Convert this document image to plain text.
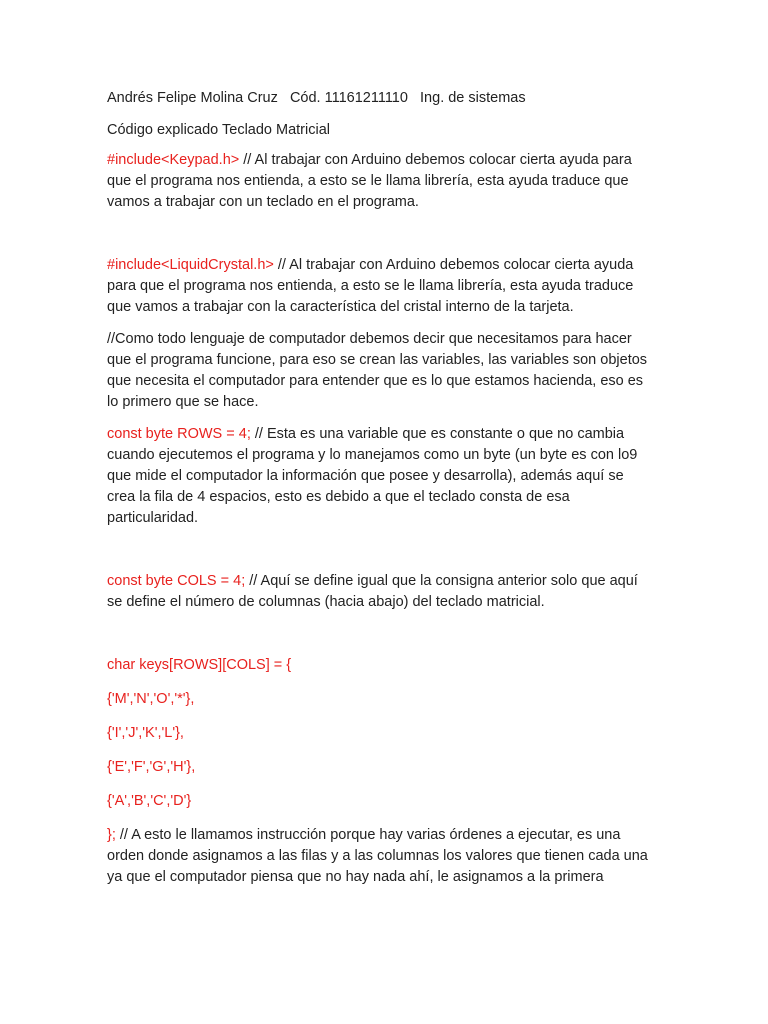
Andrés Felipe Molina Cruz Cód. 11161211110 Ing. de sistemas

Código explicado Teclado Matricial

#include<Keypad.h> // Al trabajar con Arduino debemos colocar cierta ayuda para que el programa nos entienda, a esto se le llama librería, esta ayuda traduce que vamos a trabajar con un teclado en el programa.

#include<LiquidCrystal.h> // Al trabajar con Arduino debemos colocar cierta ayuda para que el programa nos entienda, a esto se le llama librería, esta ayuda traduce que vamos a trabajar con la característica del cristal interno de la tarjeta.

//Como todo lenguaje de computador debemos decir que necesitamos para hacer que el programa funcione, para eso se crean las variables, las variables son objetos que necesita el computador para entender que es lo que estamos hacienda, eso es lo primero que se hace.

const byte ROWS = 4; // Esta es una variable que es constante o que no cambia cuando ejecutemos el programa y lo manejamos como un byte (un byte es con lo9 que mide el computador la información que posee y desarrolla), además aquí se crea la fila de 4 espacios, esto es debido a que el teclado consta de esa particularidad.

const byte COLS = 4; // Aquí se define igual que la consigna anterior solo que aquí se define el número de columnas (hacia abajo) del teclado matricial.

char keys[ROWS][COLS] = {

{'M','N','O','*'},

{'I','J','K','L'},

{'E','F','G','H'},

{'A','B','C','D'}

}; // A esto le llamamos instrucción porque hay varias órdenes a ejecutar, es una orden donde asignamos a las filas y a las columnas los valores que tienen cada una ya que el computador piensa que no hay nada ahí, le asignamos a la primera
